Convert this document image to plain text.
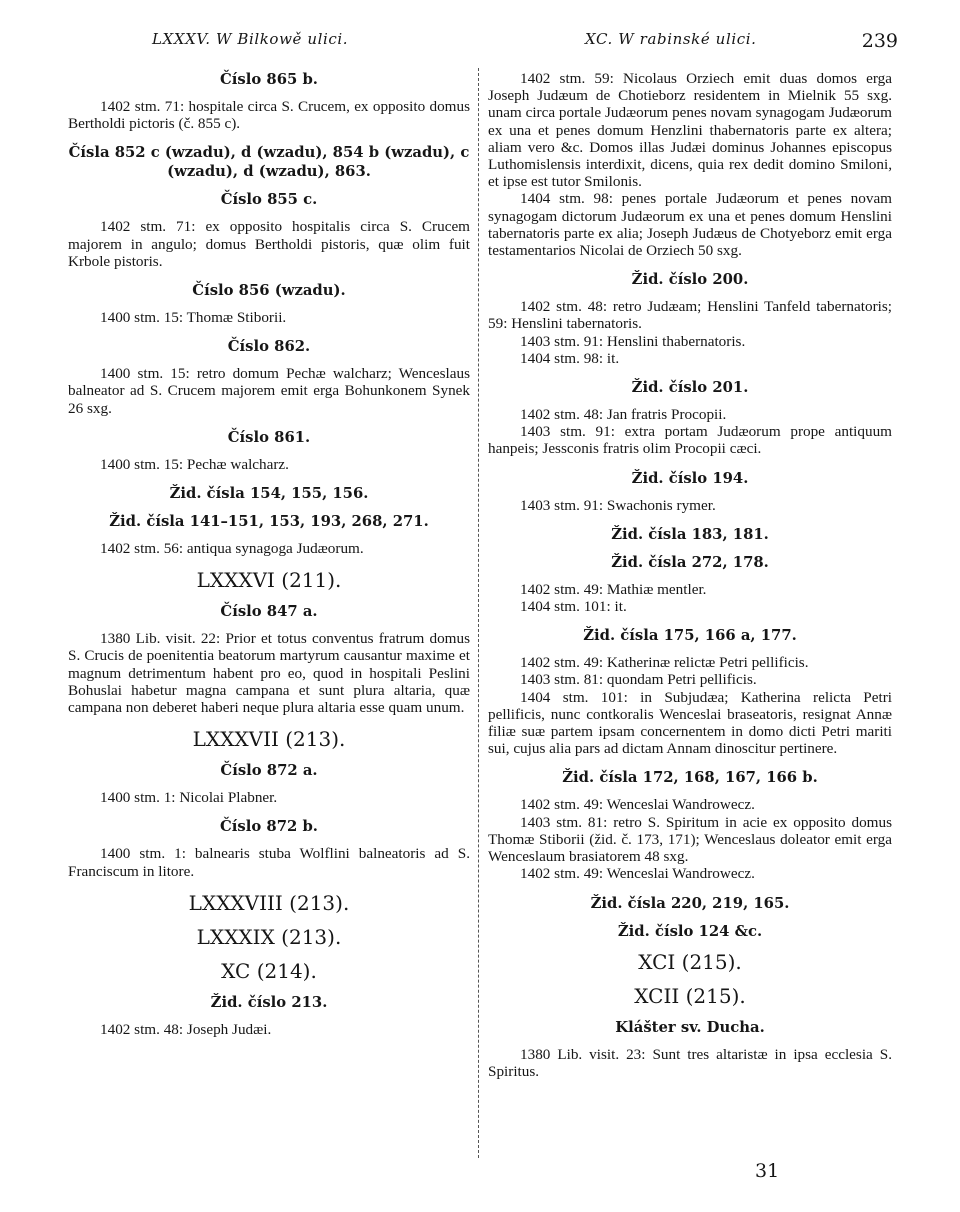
LXXXV. W Bilkowě ulici.	XC. W rabinské ulici.	239
Číslo 865 b.
1402 stm. 71: hospitale circa S. Crucem, ex opposito domus Bertholdi pictoris (č. 855 c).
Čísla 852 c (wzadu), d (wzadu), 854 b (wzadu), c (wzadu), d (wzadu), 863.
Číslo 855 c.
1402 stm. 71: ex opposito hospitalis circa S. Crucem majorem in angulo; domus Bertholdi pistoris, quæ olim fuit Krbole pistoris.
Číslo 856 (wzadu).
1400 stm. 15: Thomæ Stiborii.
Číslo 862.
1400 stm. 15: retro domum Pechæ walcharz; Wenceslaus balneator ad S. Crucem majorem emit erga Bohunkonem Synek 26 sxg.
Číslo 861.
1400 stm. 15: Pechæ walcharz.
Žid. čísla 154, 155, 156.
Žid. čísla 141–151, 153, 193, 268, 271.
1402 stm. 56: antiqua synagoga Judæorum.
LXXXVI (211).
Číslo 847 a.
1380 Lib. visit. 22: Prior et totus conventus fratrum domus S. Crucis de poenitentia beatorum martyrum causantur maxime et magnum detrimentum habent pro eo, quod in hospitali Peslini Bohuslai habetur magna campana et sunt plura altaria, quæ campana non deberet haberi neque plura altaria esse quam unum.
LXXXVII (213).
Číslo 872 a.
1400 stm. 1: Nicolai Plabner.
Číslo 872 b.
1400 stm. 1: balnearis stuba Wolflini balneatoris ad S. Franciscum in litore.
LXXXVIII (213).
LXXXIX (213).
XC (214).
Žid. číslo 213.
1402 stm. 48: Joseph Judæi.
1402 stm. 59: Nicolaus Orziech emit duas domos erga Joseph Judæum de Chotieborz residentem in Mielnik 55 sxg. unam circa portale Judæorum penes novam synagogam Judæorum ex una et penes domum Henzlini thabernatoris parte ex altera; aliam vero &c. Domos illas Judæi dominus Johannes episcopus Luthomislensis interdixit, dicens, quia rex dedit domino Smiloni, et ipse est tutor Smilonis.
1404 stm. 98: penes portale Judæorum et penes novam synagogam dictorum Judæorum ex una et penes domum Henslini tabernatoris parte ex alia; Joseph Judæus de Chotyeborz emit erga testamentarios Nicolai de Orziech 50 sxg.
Žid. číslo 200.
1402 stm. 48: retro Judæam; Henslini Tanfeld tabernatoris; 59: Henslini tabernatoris.
1403 stm. 91: Henslini thabernatoris.
1404 stm. 98: it.
Žid. číslo 201.
1402 stm. 48: Jan fratris Procopii.
1403 stm. 91: extra portam Judæorum prope antiquum hanpeis; Jessconis fratris olim Procopii cæci.
Žid. číslo 194.
1403 stm. 91: Swachonis rymer.
Žid. čísla 183, 181.
Žid. čísla 272, 178.
1402 stm. 49: Mathiæ mentler.
1404 stm. 101: it.
Žid. čísla 175, 166 a, 177.
1402 stm. 49: Katherinæ relictæ Petri pellificis.
1403 stm. 81: quondam Petri pellificis.
1404 stm. 101: in Subjudæa; Katherina relicta Petri pellificis, nunc contkoralis Wenceslai braseatoris, resignat Annæ filiæ suæ partem ipsam concernentem in domo dicti Petri mariti sui, cujus alia pars ad dictam Annam dinoscitur pertinere.
Žid. čísla 172, 168, 167, 166 b.
1402 stm. 49: Wenceslai Wandrowecz.
1403 stm. 81: retro S. Spiritum in acie ex opposito domus Thomæ Stiborii (žid. č. 173, 171); Wenceslaus doleator emit erga Wenceslaum brasiatorem 48 sxg.
1402 stm. 49: Wenceslai Wandrowecz.
Žid. čísla 220, 219, 165.
Žid. číslo 124 &c.
XCI (215).
XCII (215).
Klášter sv. Ducha.
1380 Lib. visit. 23: Sunt tres altaristæ in ipsa ecclesia S. Spiritus.
31
